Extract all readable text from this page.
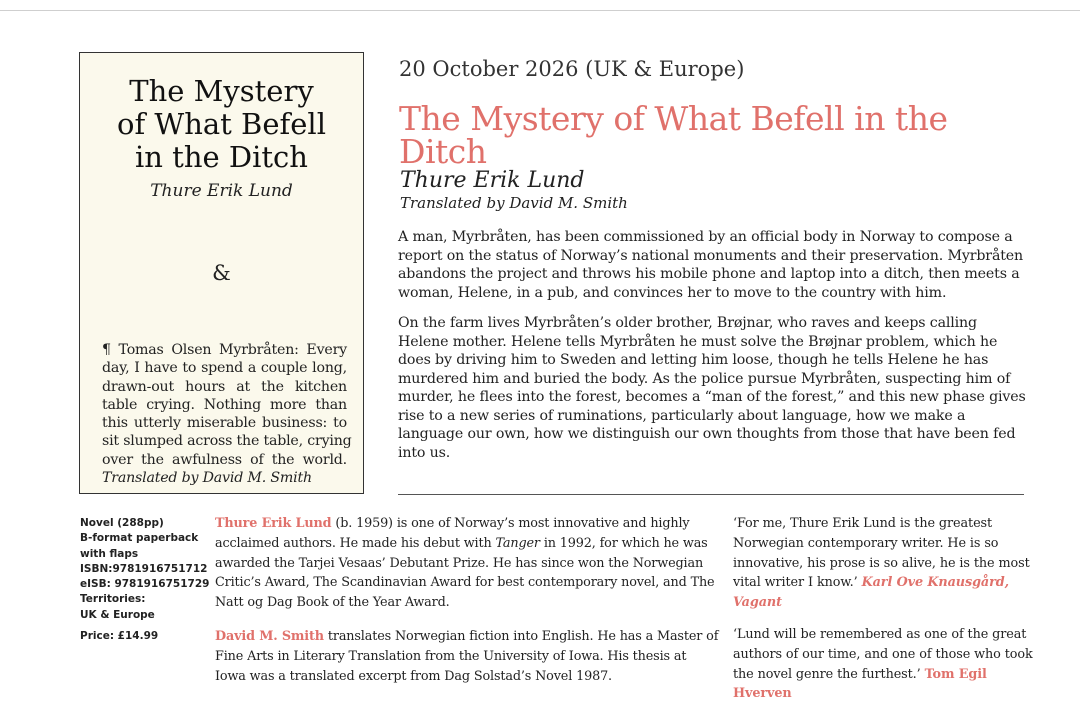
The Mystery
of What Befell
in the Ditch
Thure Erik Lund
&
¶ Tomas Olsen Myrbråten: Every
day, I have to spend a couple long,
drawn-out hours at the kitchen
table crying. Nothing more than
this utterly miserable business: to
sit slumped across the table, crying
over the awfulness of the world.
Translated by David M. Smith
20 October 2026 (UK & Europe)
The Mystery of What Befell in the Ditch
Thure Erik Lund
Translated by David M. Smith

A man, Myrbråten, has been commissioned by an official body in Norway to compose a report on the status of Norway’s national monuments and their preservation. Myrbråten abandons the project and throws his mobile phone and laptop into a ditch, then meets a woman, Helene, in a pub, and convinces her to move to the country with him.

On the farm lives Myrbråten’s older brother, Brøjnar, who raves and keeps calling Helene mother. Helene tells Myrbråten he must solve the Brøjnar problem, which he does by driving him to Sweden and letting him loose, though he tells Helene he has murdered him and buried the body. As the police pursue Myrbråten, suspecting him of murder, he flees into the forest, becomes a “man of the forest,” and this new phase gives rise to a new series of ruminations, particularly about language, how we make a language our own, how we distinguish our own thoughts from those that have been fed into us.

Novel (288pp)
B-format paperback
with flaps
ISBN:9781916751712
eISB: 9781916751729
Territories:
UK & Europe
Price: £14.99

Thure Erik Lund (b. 1959) is one of Norway’s most innovative and highly acclaimed authors. He made his debut with Tanger in 1992, for which he was awarded the Tarjei Vesaas’ Debutant Prize. He has since won the Norwegian Critic’s Award, The Scandinavian Award for best contemporary novel, and The Natt og Dag Book of the Year Award.

David M. Smith translates Norwegian fiction into English. He has a Master of Fine Arts in Literary Translation from the University of Iowa. His thesis at Iowa was a translated excerpt from Dag Solstad’s Novel 1987.

‘For me, Thure Erik Lund is the greatest Norwegian contemporary writer. He is so innovative, his prose is so alive, he is the most vital writer I know.’ Karl Ove Knausgård, Vagant

‘Lund will be remembered as one of the great authors of our time, and one of those who took the novel genre the furthest.’ Tom Egil Hverven
